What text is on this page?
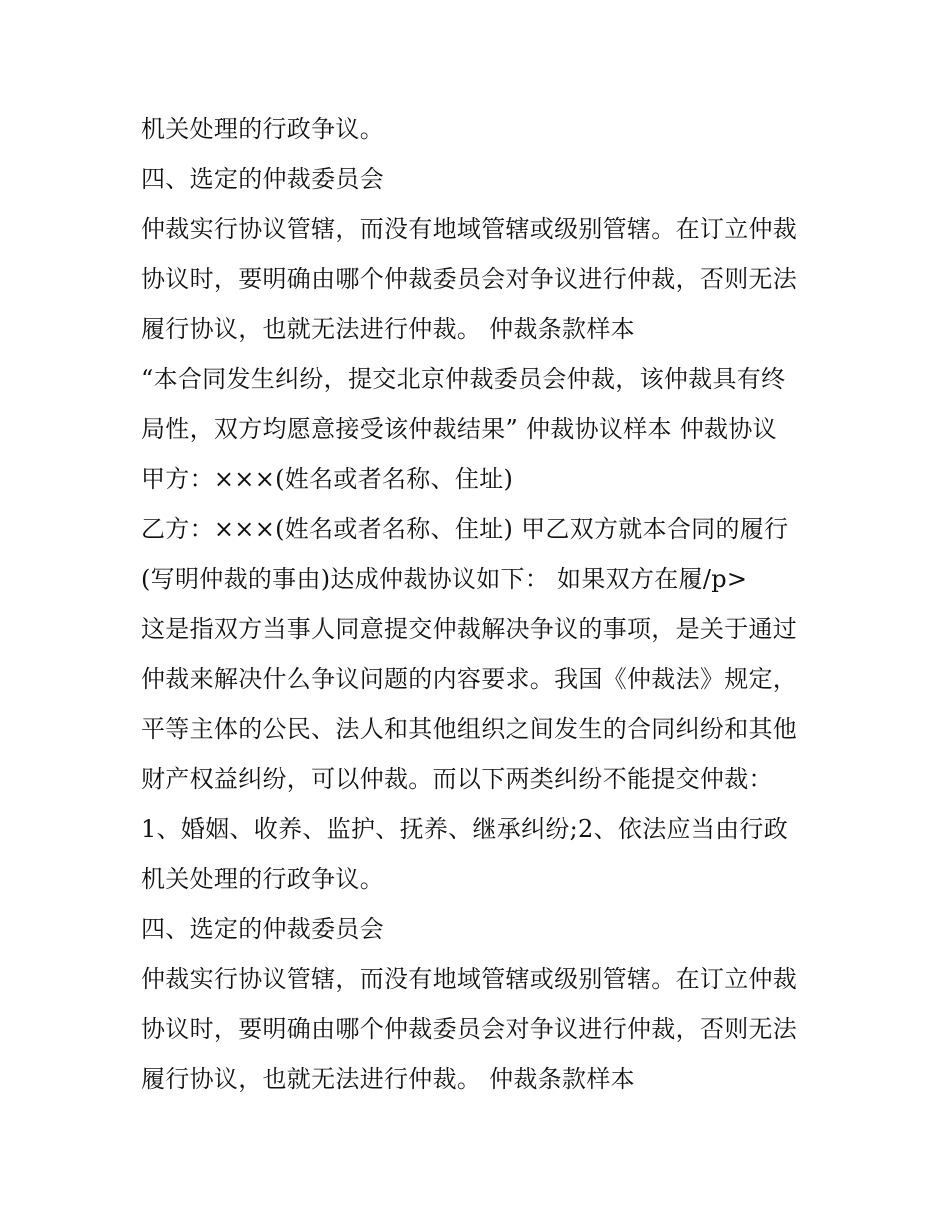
机关处理的行政争议。
四、选定的仲裁委员会
仲裁实行协议管辖，而没有地域管辖或级别管辖。在订立仲裁
协议时，要明确由哪个仲裁委员会对争议进行仲裁，否则无法
履行协议，也就无法进行仲裁。 仲裁条款样本
“本合同发生纠纷，提交北京仲裁委员会仲裁，该仲裁具有终
局性，双方均愿意接受该仲裁结果” 仲裁协议样本 仲裁协议
甲方：×××(姓名或者名称、住址)
乙方：×××(姓名或者名称、住址) 甲乙双方就本合同的履行
(写明仲裁的事由)达成仲裁协议如下： 如果双方在履/p>
这是指双方当事人同意提交仲裁解决争议的事项，是关于通过
仲裁来解决什么争议问题的内容要求。我国《仲裁法》规定，
平等主体的公民、法人和其他组织之间发生的合同纠纷和其他
财产权益纠纷，可以仲裁。而以下两类纠纷不能提交仲裁：
1、婚姻、收养、监护、抚养、继承纠纷;2、依法应当由行政
机关处理的行政争议。
四、选定的仲裁委员会
仲裁实行协议管辖，而没有地域管辖或级别管辖。在订立仲裁
协议时，要明确由哪个仲裁委员会对争议进行仲裁，否则无法
履行协议，也就无法进行仲裁。 仲裁条款样本
